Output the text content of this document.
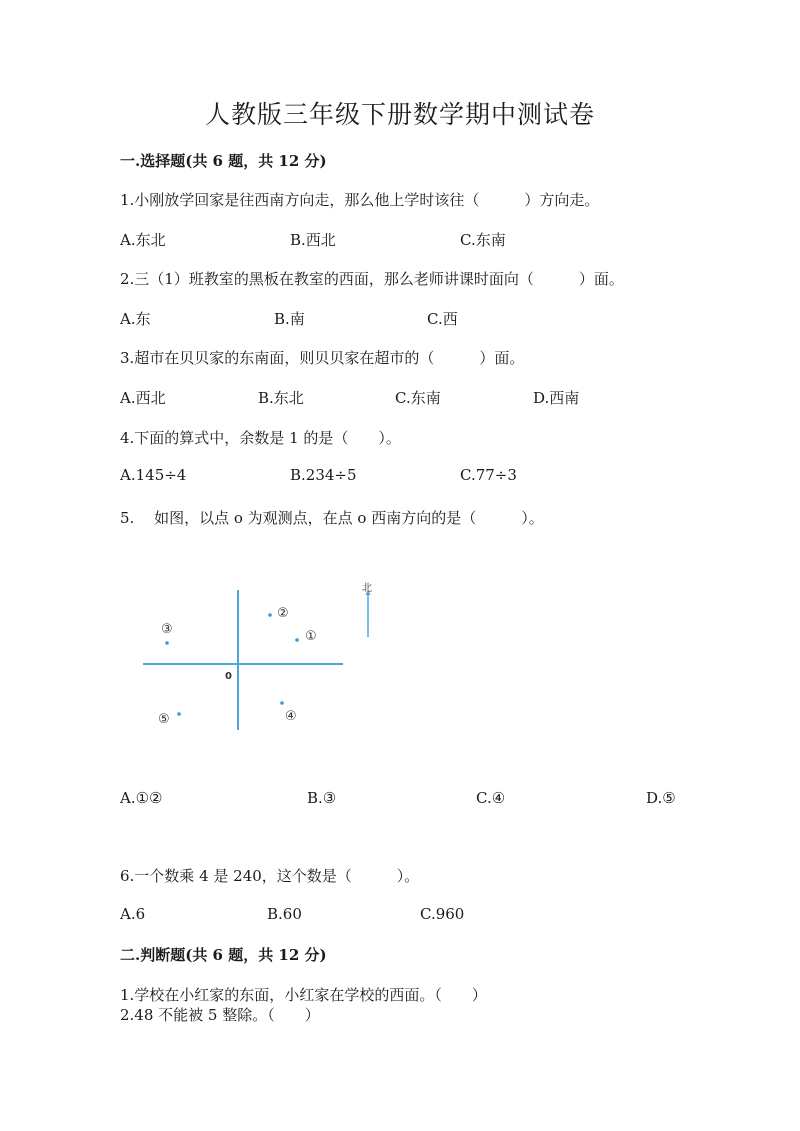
人教版三年级下册数学期中测试卷
一.选择题(共 6 题，共 12 分)
1.小刚放学回家是往西南方向走，那么他上学时该往（　　　）方向走。
A.东北	B.西北	C.东南
2.三（1）班教室的黑板在教室的西面，那么老师讲课时面向（　　　）面。
A.东	B.南	C.西
3.超市在贝贝家的东南面，则贝贝家在超市的（　　　）面。
A.西北	B.东北	C.东南	D.西南
4.下面的算式中，余数是 1 的是（　　）。
A.145÷4	B.234÷5	C.77÷3
5.　 如图，以点 o 为观测点，在点 o 西南方向的是（　　　）。
北
0
①
②
③
④
⑤
A.①②	B.③	C.④	D.⑤
6.一个数乘 4 是 240，这个数是（　　　）。
A.6	B.60	C.960
二.判断题(共 6 题，共 12 分)
1.学校在小红家的东面，小红家在学校的西面。（　　）
2.48 不能被 5 整除。（　　）
